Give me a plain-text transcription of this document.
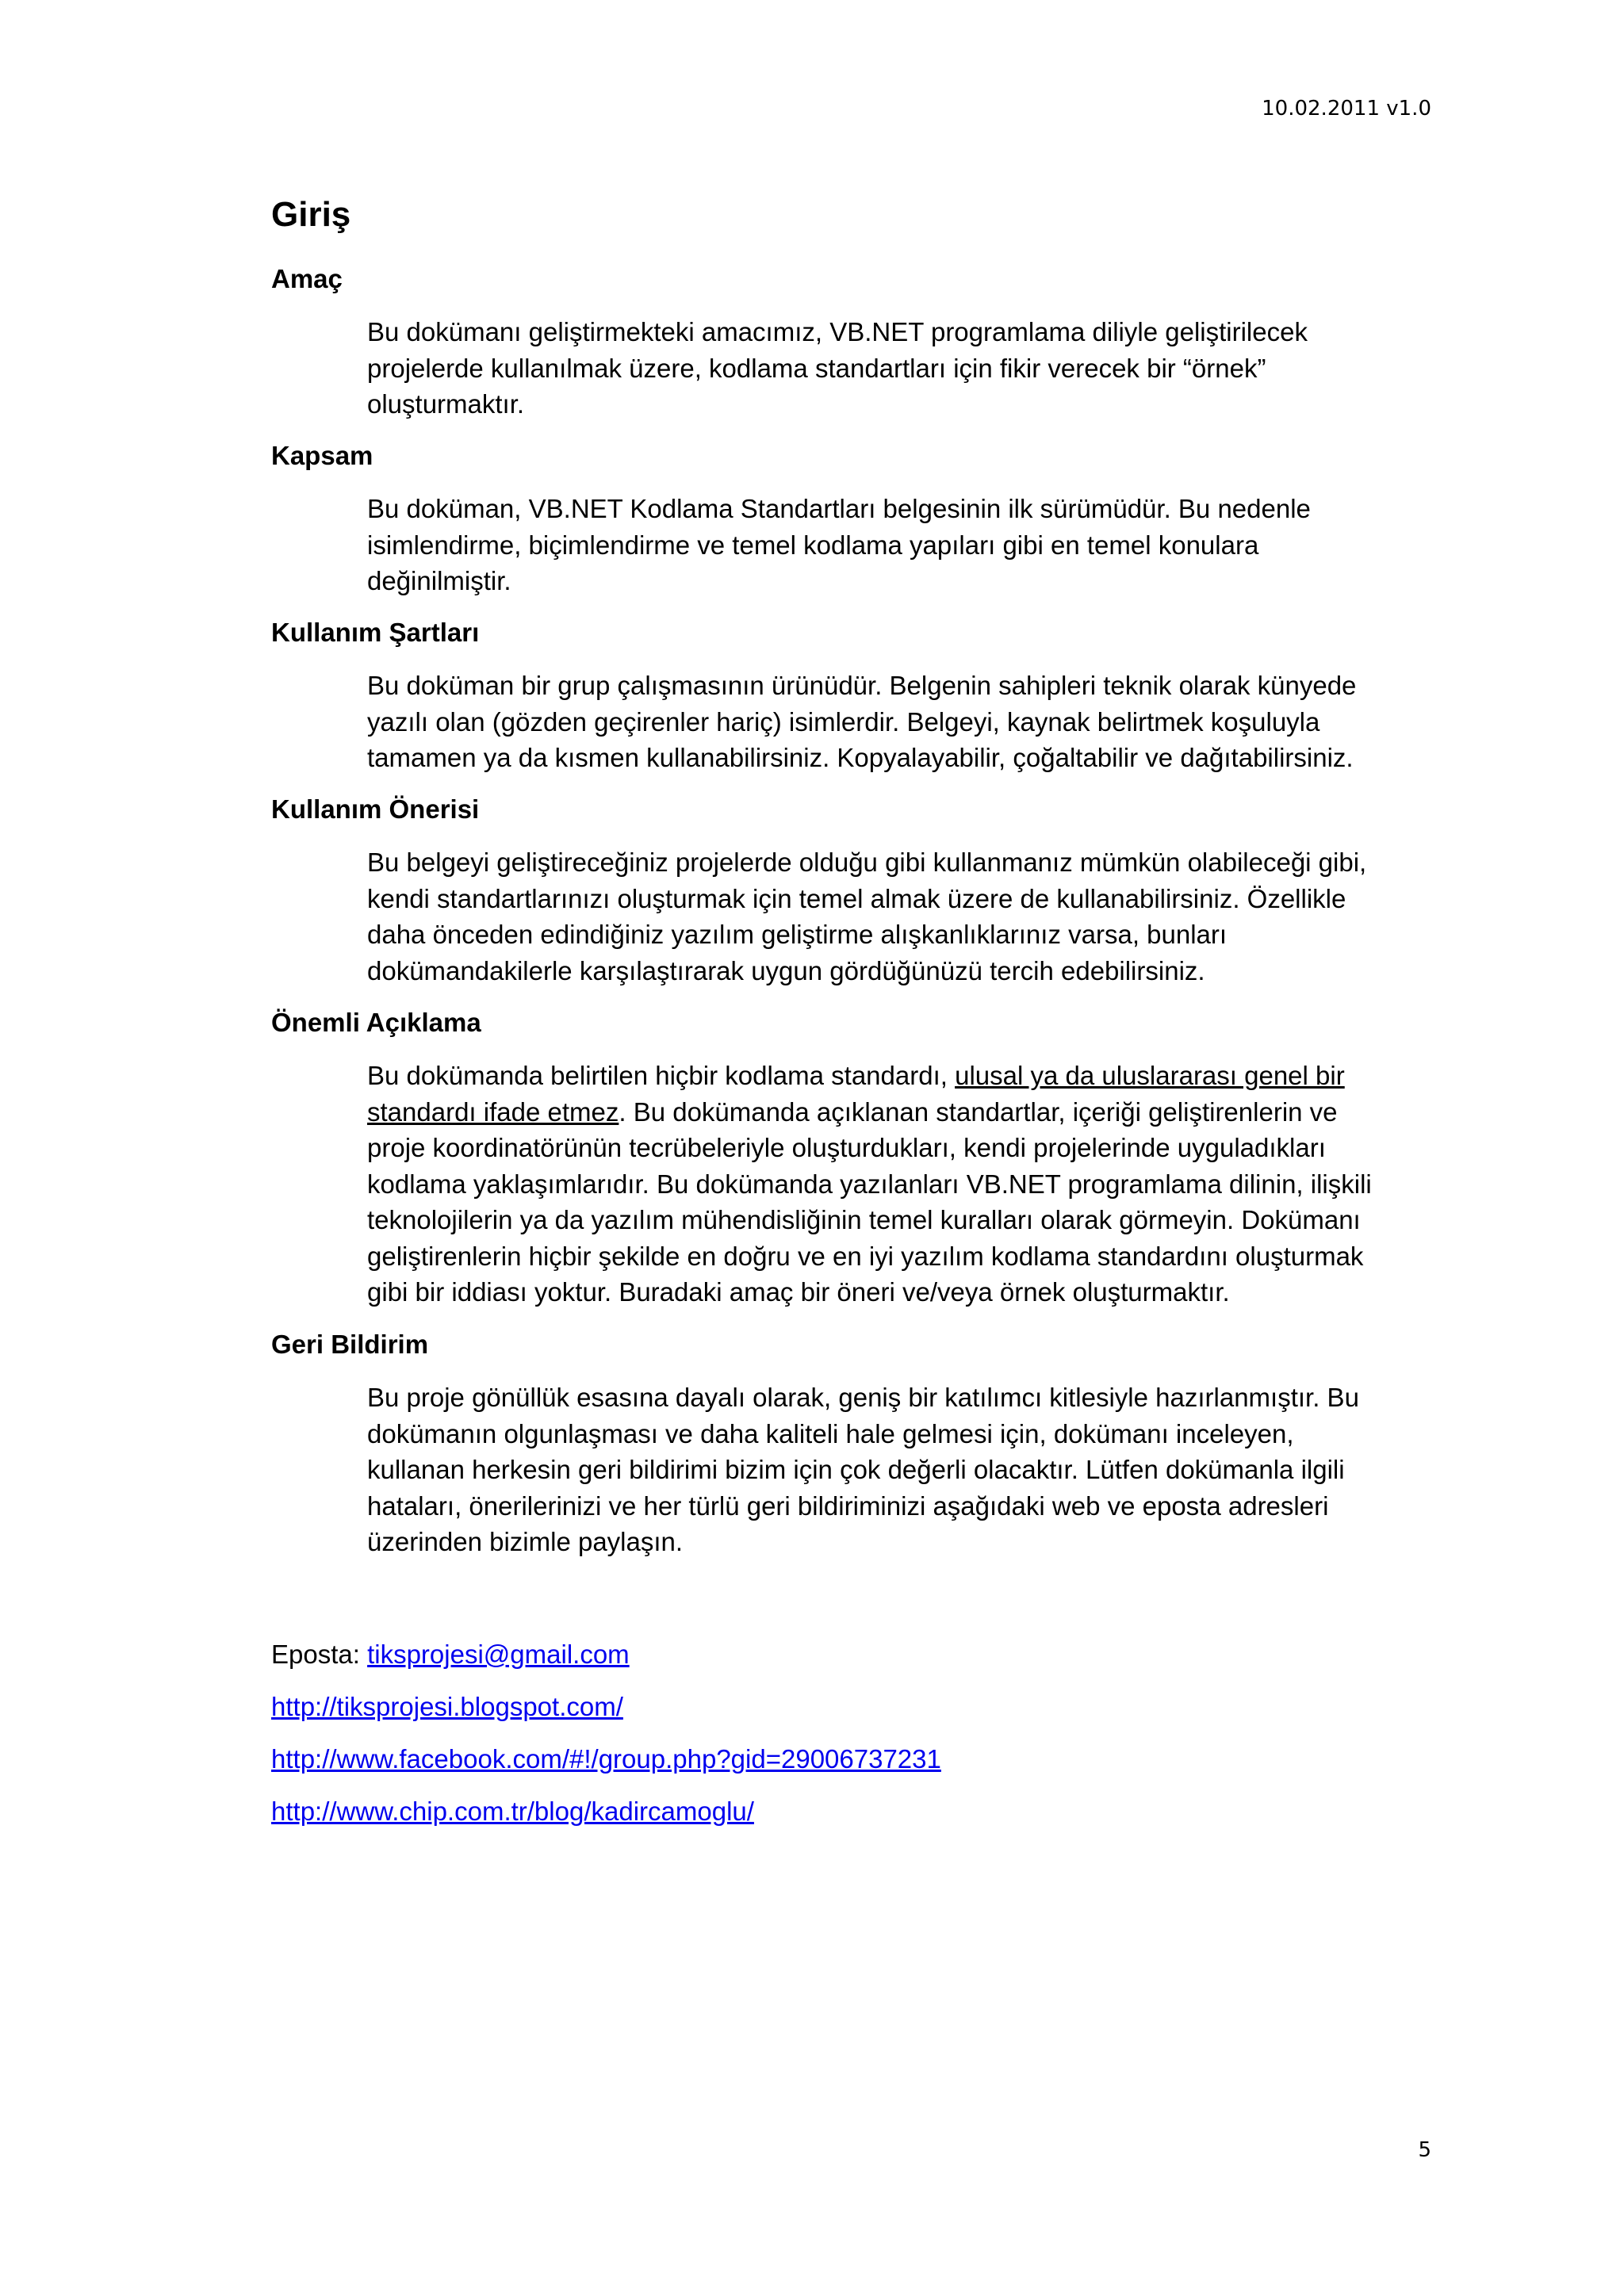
10.02.2011 v1.0
Giriş
Amaç
Bu dokümanı geliştirmekteki amacımız, VB.NET programlama diliyle geliştirilecek
projelerde kullanılmak üzere, kodlama standartları için fikir verecek bir “örnek”
oluşturmaktır.
Kapsam
Bu doküman, VB.NET Kodlama Standartları belgesinin ilk sürümüdür. Bu nedenle
isimlendirme, biçimlendirme ve temel kodlama yapıları gibi en temel konulara
değinilmiştir.
Kullanım Şartları
Bu doküman bir grup çalışmasının ürünüdür. Belgenin sahipleri teknik olarak künyede
yazılı olan (gözden geçirenler hariç) isimlerdir. Belgeyi, kaynak belirtmek koşuluyla
tamamen ya da kısmen kullanabilirsiniz. Kopyalayabilir, çoğaltabilir ve dağıtabilirsiniz.
Kullanım Önerisi
Bu belgeyi geliştireceğiniz projelerde olduğu gibi kullanmanız mümkün olabileceği gibi,
kendi standartlarınızı oluşturmak için temel almak üzere de kullanabilirsiniz. Özellikle
daha önceden edindiğiniz yazılım geliştirme alışkanlıklarınız varsa, bunları
dokümandakilerle karşılaştırarak uygun gördüğünüzü tercih edebilirsiniz.
Önemli Açıklama
Bu dokümanda belirtilen hiçbir kodlama standardı, ulusal ya da uluslararası genel bir
standardı ifade etmez. Bu dokümanda açıklanan standartlar, içeriği geliştirenlerin ve
proje koordinatörünün tecrübeleriyle oluşturdukları, kendi projelerinde uyguladıkları
kodlama yaklaşımlarıdır. Bu dokümanda yazılanları VB.NET programlama dilinin, ilişkili
teknolojilerin ya da yazılım mühendisliğinin temel kuralları olarak görmeyin. Dokümanı
geliştirenlerin hiçbir şekilde en doğru ve en iyi yazılım kodlama standardını oluşturmak
gibi bir iddiası yoktur. Buradaki amaç bir öneri ve/veya örnek oluşturmaktır.
Geri Bildirim
Bu proje gönüllük esasına dayalı olarak, geniş bir katılımcı kitlesiyle hazırlanmıştır. Bu
dokümanın olgunlaşması ve daha kaliteli hale gelmesi için, dokümanı inceleyen,
kullanan herkesin geri bildirimi bizim için çok değerli olacaktır. Lütfen dokümanla ilgili
hataları, önerilerinizi ve her türlü geri bildiriminizi aşağıdaki web ve eposta adresleri
üzerinden bizimle paylaşın.
Eposta: tiksprojesi@gmail.com
http://tiksprojesi.blogspot.com/
http://www.facebook.com/#!/group.php?gid=29006737231
http://www.chip.com.tr/blog/kadircamoglu/
5
